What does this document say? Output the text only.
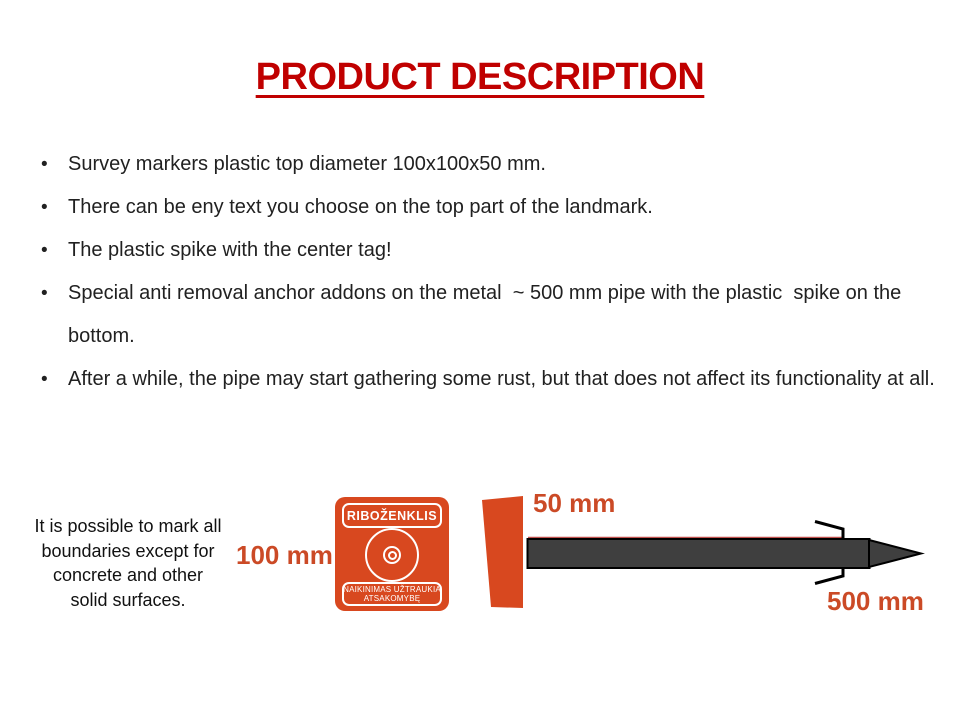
PRODUCT DESCRIPTION
•	Survey markers plastic top diameter 100x100x50 mm.
•	There can be eny text you choose on the top part of the landmark.
•	The plastic spike with the center tag!
•	Special anti removal anchor addons on the metal  ~ 500 mm pipe with the plastic  spike on the bottom.
•	After a while, the pipe may start gathering some rust, but that does not affect its functionality at all.
It is possible to mark all
boundaries except for
concrete and other
solid surfaces.
100 mm
50 mm
500 mm
RIBOŽENKLIS
NAIKINIMAS UŽTRAUKIA
ATSAKOMYBĘ
